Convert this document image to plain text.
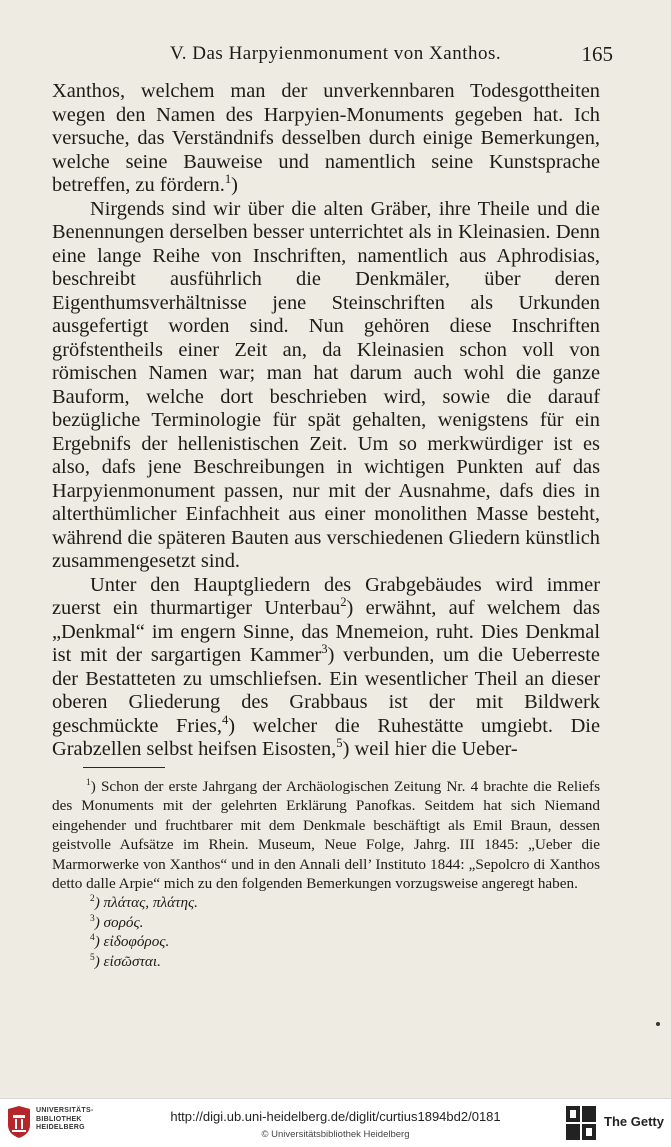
V. Das Harpyienmonument von Xanthos.	165

Xanthos, welchem man der unverkennbaren Todesgottheiten wegen den Namen des Harpyien-Monuments gegeben hat. Ich versuche, das Verständnifs desselben durch einige Bemerkungen, welche seine Bauweise und namentlich seine Kunstsprache betreffen, zu fördern.$^1$)

Nirgends sind wir über die alten Gräber, ihre Theile und die Benennungen derselben besser unterrichtet als in Kleinasien. Denn eine lange Reihe von Inschriften, namentlich aus Aphrodisias, beschreibt ausführlich die Denkmäler, über deren Eigenthumsverhältnisse jene Steinschriften als Urkunden ausgefertigt worden sind. Nun gehören diese Inschriften gröfstentheils einer Zeit an, da Kleinasien schon voll von römischen Namen war; man hat darum auch wohl die ganze Bauform, welche dort beschrieben wird, sowie die darauf bezügliche Terminologie für spät gehalten, wenigstens für ein Ergebnifs der hellenistischen Zeit. Um so merkwürdiger ist es also, dafs jene Beschreibungen in wichtigen Punkten auf das Harpyienmonument passen, nur mit der Ausnahme, dafs dies in alterthümlicher Einfachheit aus einer monolithen Masse besteht, während die späteren Bauten aus verschiedenen Gliedern künstlich zusammengesetzt sind.

Unter den Hauptgliedern des Grabgebäudes wird immer zuerst ein thurmartiger Unterbau$^2$) erwähnt, auf welchem das „Denkmal“ im engern Sinne, das Mnemeion, ruht. Dies Denkmal ist mit der sargartigen Kammer$^3$) verbunden, um die Ueberreste der Bestatteten zu umschliefsen. Ein wesentlicher Theil an dieser oberen Gliederung des Grabbaus ist der mit Bildwerk geschmückte Fries,$^4$) welcher die Ruhestätte umgiebt. Die Grabzellen selbst heifsen Eisosten,$^5$) weil hier die Ueber-

$^1$) Schon der erste Jahrgang der Archäologischen Zeitung Nr. 4 brachte die Reliefs des Monuments mit der gelehrten Erklärung Panofkas. Seitdem hat sich Niemand eingehender und fruchtbarer mit dem Denkmale beschäftigt als Emil Braun, dessen geistvolle Aufsätze im Rhein. Museum, Neue Folge, Jahrg. III 1845: „Ueber die Marmorwerke von Xanthos“ und in den Annali dell’ Instituto 1844: „Sepolcro di Xanthos detto dalle Arpie“ mich zu den folgenden Bemerkungen vorzugsweise angeregt haben.

$^2$) πλάτας, πλάτης.

$^3$) σορός.

$^4$) εἰδοφόρος.

$^5$) εἰσῶσται.

UNIVERSITÄTS-
BIBLIOTHEK
HEIDELBERG
http://digi.ub.uni-heidelberg.de/diglit/curtius1894bd2/0181
© Universitätsbibliothek Heidelberg
The Getty
